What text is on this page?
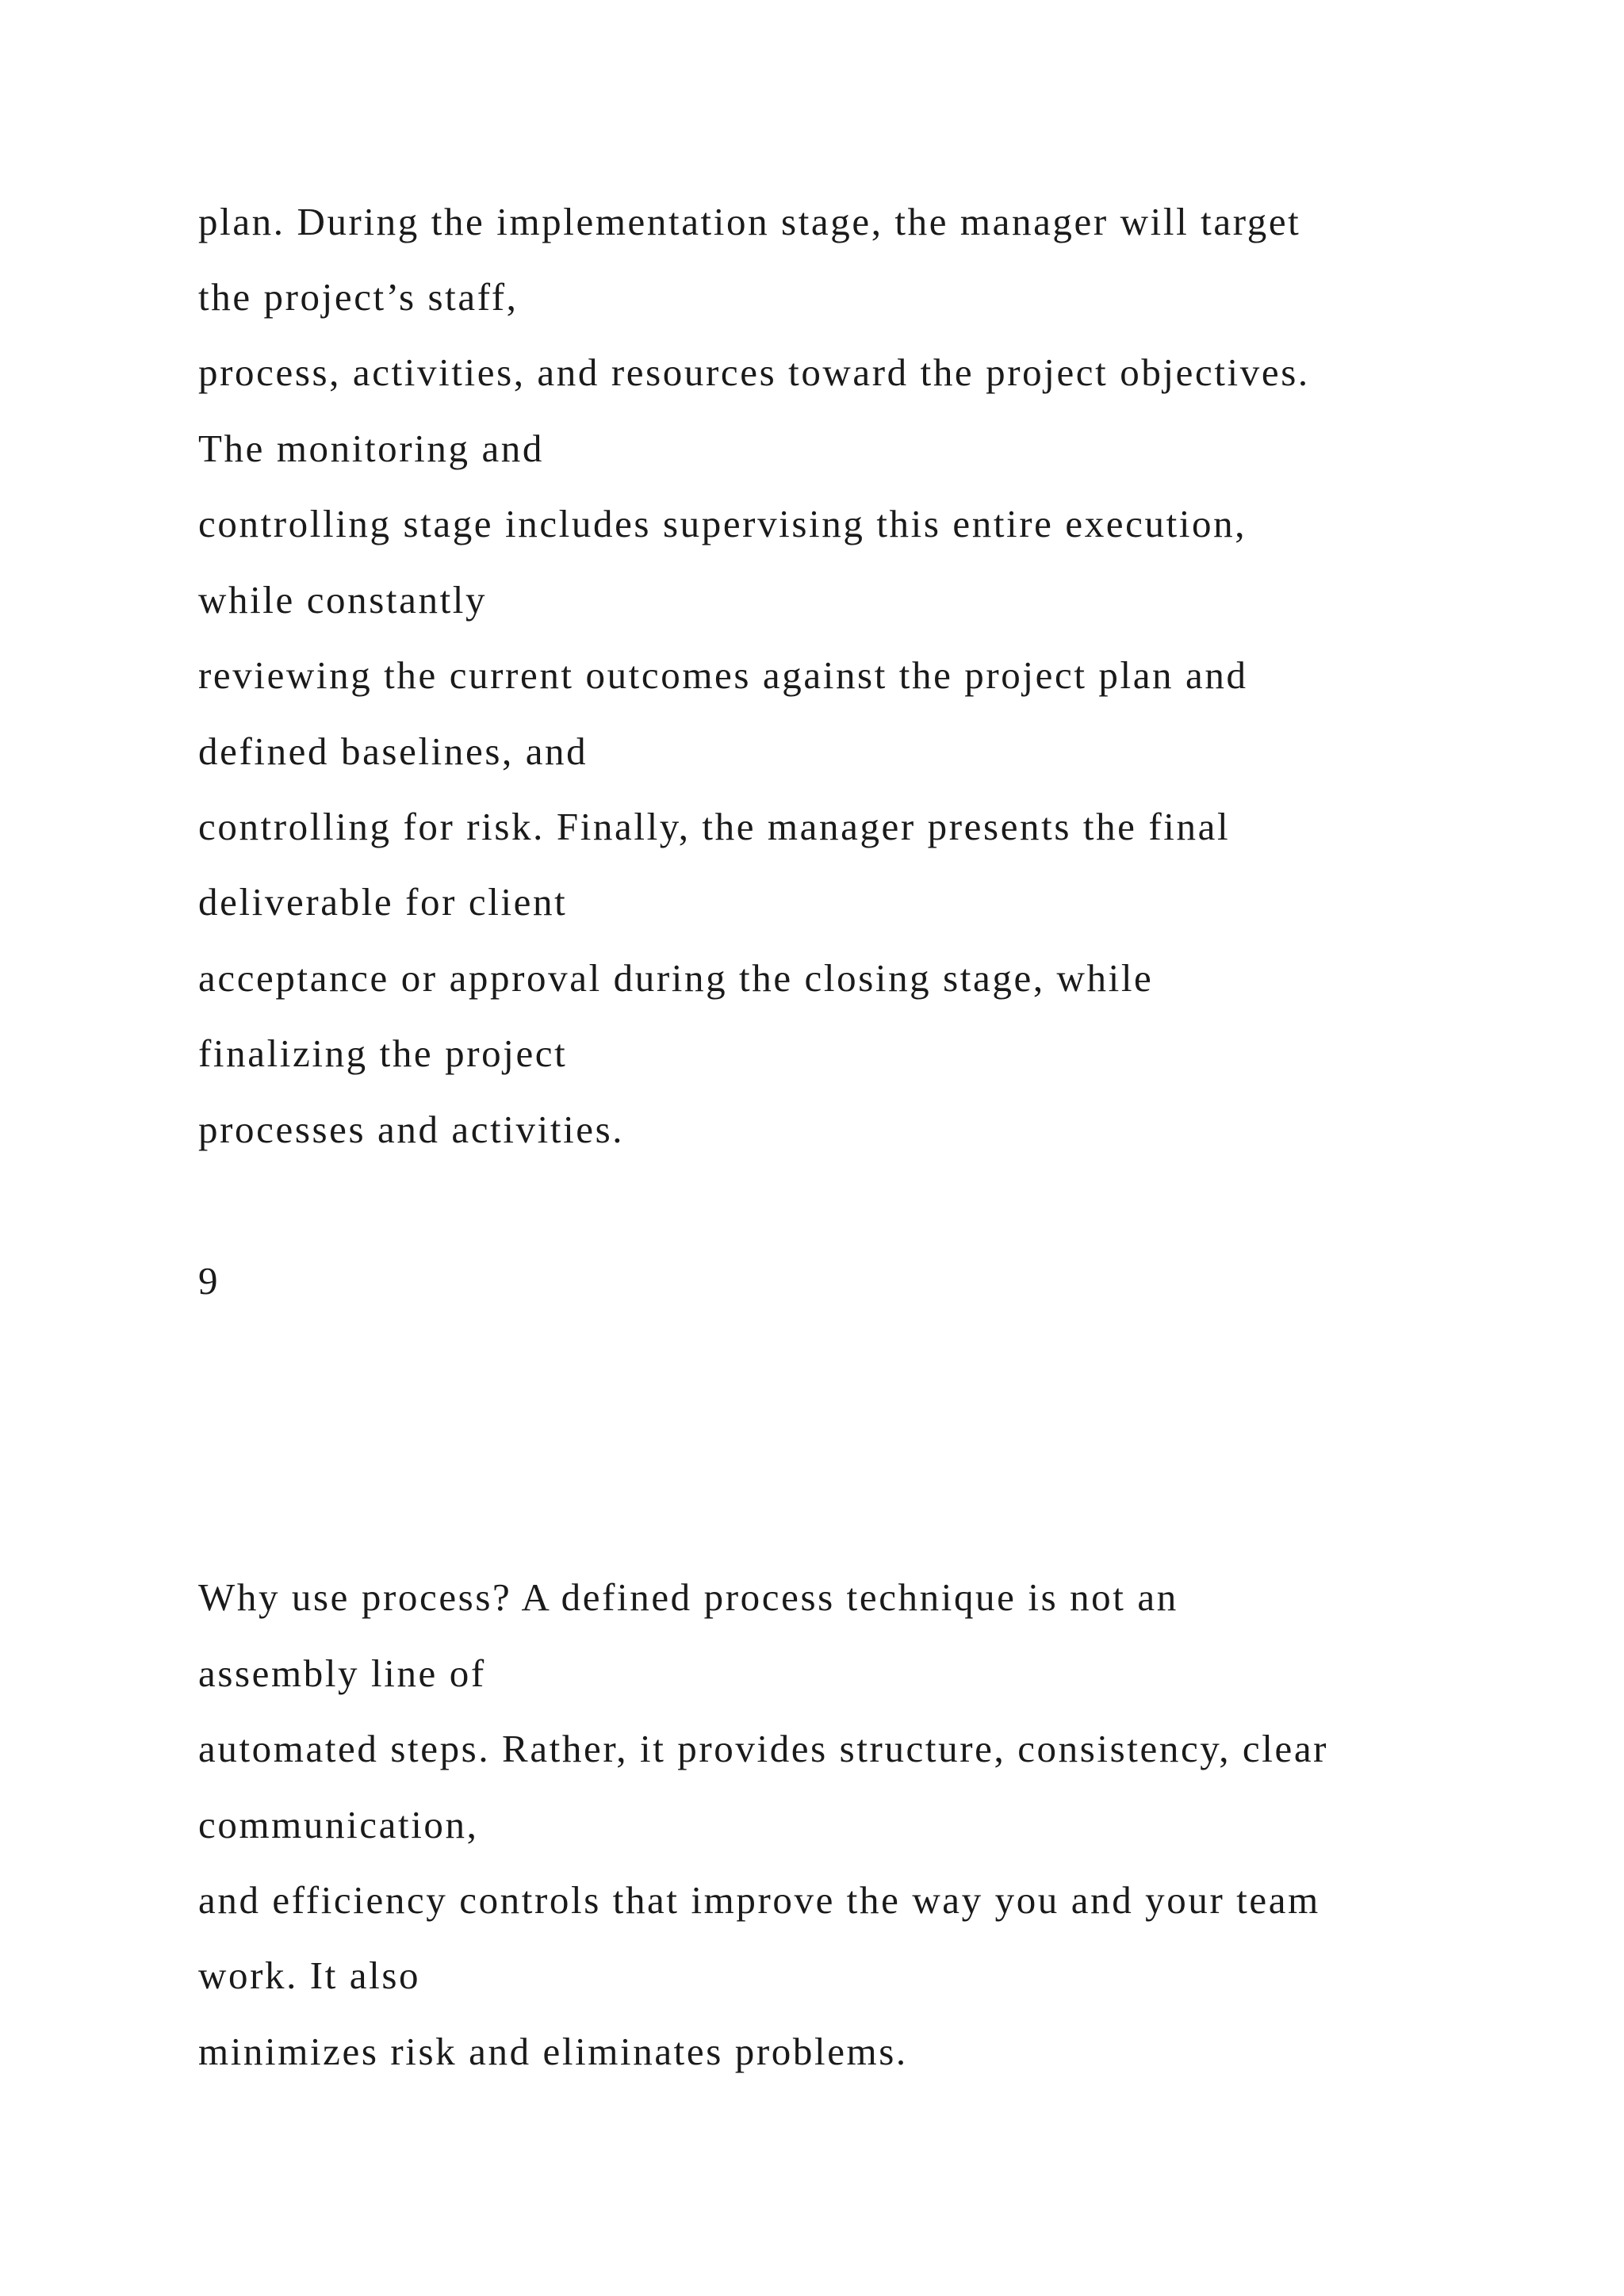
plan. During the implementation stage, the manager will target

the project’s staff,

process, activities, and resources toward the project objectives.

The monitoring and

controlling stage includes supervising this entire execution,

while constantly

reviewing the current outcomes against the project plan and

defined baselines, and

controlling for risk. Finally, the manager presents the final

deliverable for client

acceptance or approval during the closing stage, while

finalizing the project

processes and activities.

9

Why use process? A defined process technique is not an

assembly line of

automated steps. Rather, it provides structure, consistency, clear

communication,

and efficiency controls that improve the way you and your team

work. It also

minimizes risk and eliminates problems.
